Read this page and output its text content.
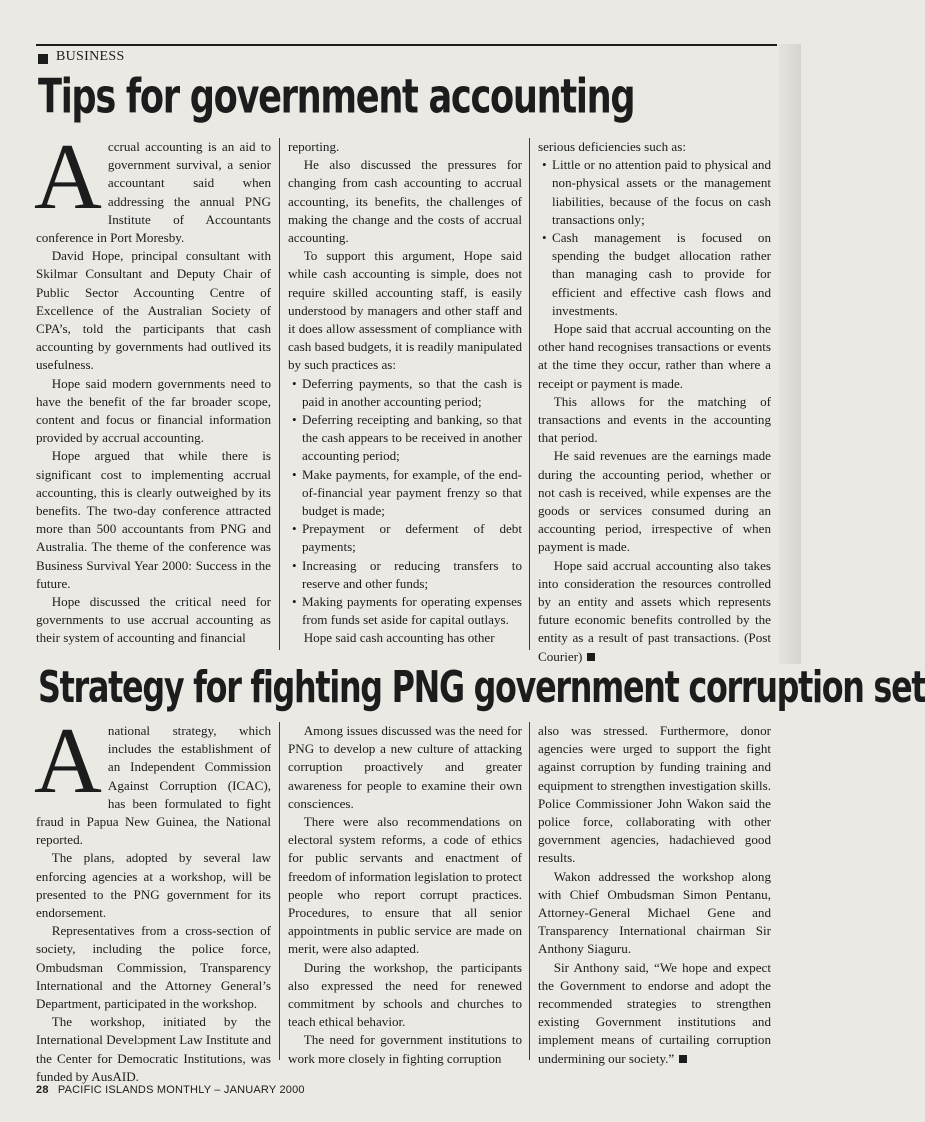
BUSINESS
Tips for government accounting
A ccrual accounting is an aid to government survival, a senior accountant said when addressing the annual PNG Institute of Accountants conference in Port Moresby.

David Hope, principal consultant with Skilmar Consultant and Deputy Chair of Public Sector Accounting Centre of Excellence of the Australian Society of CPA’s, told the participants that cash accounting by governments had outlived its usefulness.

Hope said modern governments need to have the benefit of the far broader scope, content and focus or financial information provided by accrual accounting.

Hope argued that while there is significant cost to implementing accrual accounting, this is clearly outweighed by its benefits. The two-day conference attracted more than 500 accountants from PNG and Australia. The theme of the conference was Business Survival Year 2000: Success in the future.

Hope discussed the critical need for governments to use accrual accounting as their system of accounting and financial

reporting.

He also discussed the pressures for changing from cash accounting to accrual accounting, its benefits, the challenges of making the change and the costs of accrual accounting.

To support this argument, Hope said while cash accounting is simple, does not require skilled accounting staff, is easily understood by managers and other staff and it does allow assessment of compliance with cash based budgets, it is readily manipulated by such practices as:

• Deferring payments, so that the cash is paid in another accounting period;
• Deferring receipting and banking, so that the cash appears to be received in another accounting period;
• Make payments, for example, of the end-of-financial year payment frenzy so that budget is made;
• Prepayment or deferment of debt payments;
• Increasing or reducing transfers to reserve and other funds;
• Making payments for operating expenses from funds set aside for capital outlays.

Hope said cash accounting has other

serious deficiencies such as:

• Little or no attention paid to physical and non-physical assets or the management liabilities, because of the focus on cash transactions only;
• Cash management is focused on spending the budget allocation rather than managing cash to provide for efficient and effective cash flows and investments.

Hope said that accrual accounting on the other hand recognises transactions or events at the time they occur, rather than where a receipt or payment is made.

This allows for the matching of transactions and events in the accounting that period.

He said revenues are the earnings made during the accounting period, whether or not cash is received, while expenses are the goods or services consumed during an accounting period, irrespective of when payment is made.

Hope said accrual accounting also takes into consideration the resources controlled by an entity and assets which represents future economic benefits controlled by the entity as a result of past transactions. (Post Courier)

Strategy for fighting PNG government corruption set
A national strategy, which includes the establishment of an Independent Commission Against Corruption (ICAC), has been formulated to fight fraud in Papua New Guinea, the National reported.

The plans, adopted by several law enforcing agencies at a workshop, will be presented to the PNG government for its endorsement.

Representatives from a cross-section of society, including the police force, Ombudsman Commission, Transparency International and the Attorney General’s Department, participated in the workshop.

The workshop, initiated by the International Develɔpment Law Institute and the Center for Democratic Institutions, was funded by AusAID.

Among issues discussed was the need for PNG to develop a new culture of attacking corruption proactively and greater awareness for people to examine their own consciences.

There were also recommendations on electoral system reforms, a code of ethics for public servants and enactment of freedom of information legislation to protect people who report corrupt practices. Procedures, to ensure that all senior appointments in public service are made on merit, were also adapted.

During the workshop, the participants also expressed the need for renewed commitment by schools and churches to teach ethical behavior.

The need for government institutions to work more closely in fighting corruption

also was stressed. Furthermore, donor agencies were urged to support the fight against corruption by funding training and equipment to strengthen investigation skills. Police Commissioner John Wakon said the police force, collaborating with other government agencies, hadachieved good results.

Wakon addressed the workshop along with Chief Ombudsman Simon Pentanu, Attorney-General Michael Gene and Transparency International chairman Sir Anthony Siaguru.

Sir Anthony said, “We hope and expect the Government to endorse and adopt the recommended strategies to strengthen existing Government institutions and implement means of curtailing corruption undermining our society.”

28 PACIFIC ISLANDS MONTHLY – JANUARY 2000
